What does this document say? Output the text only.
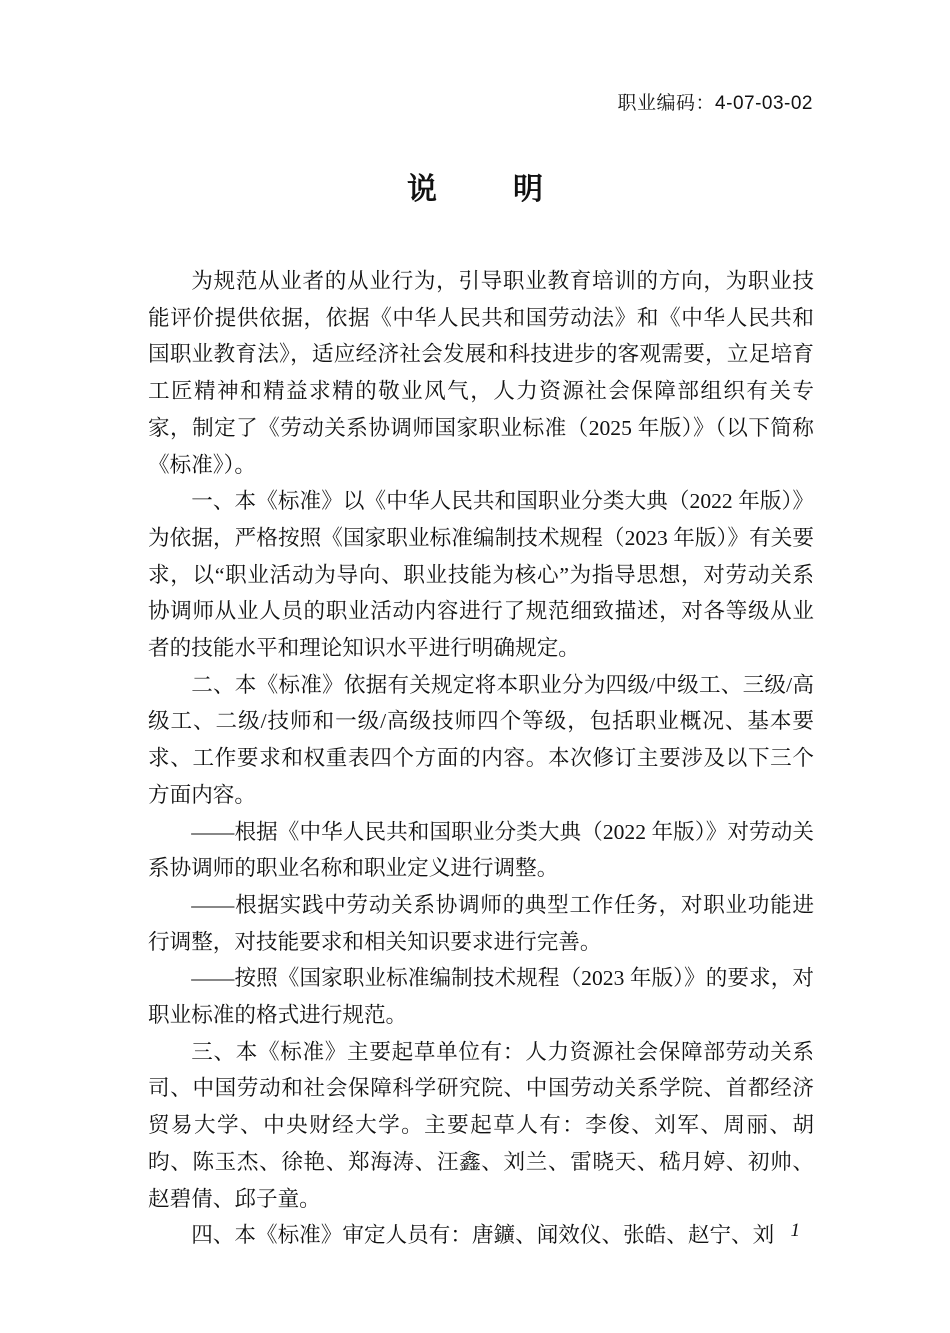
职业编码：4-07-03-02
说	明

为规范从业者的从业行为，引导职业教育培训的方向，为职业技能评价提供依据，依据《中华人民共和国劳动法》和《中华人民共和国职业教育法》，适应经济社会发展和科技进步的客观需要，立足培育工匠精神和精益求精的敬业风气，人力资源社会保障部组织有关专家，制定了《劳动关系协调师国家职业标准（2025 年版）》（以下简称《标准》）。

一、本《标准》以《中华人民共和国职业分类大典（2022 年版）》为依据，严格按照《国家职业标准编制技术规程（2023 年版）》有关要求，以“职业活动为导向、职业技能为核心”为指导思想，对劳动关系协调师从业人员的职业活动内容进行了规范细致描述，对各等级从业者的技能水平和理论知识水平进行明确规定。

二、本《标准》依据有关规定将本职业分为四级/中级工、三级/高级工、二级/技师和一级/高级技师四个等级，包括职业概况、基本要求、工作要求和权重表四个方面的内容。本次修订主要涉及以下三个方面内容。

——根据《中华人民共和国职业分类大典（2022 年版）》对劳动关系协调师的职业名称和职业定义进行调整。

——根据实践中劳动关系协调师的典型工作任务，对职业功能进行调整，对技能要求和相关知识要求进行完善。

——按照《国家职业标准编制技术规程（2023 年版）》的要求，对职业标准的格式进行规范。

三、本《标准》主要起草单位有：人力资源社会保障部劳动关系司、中国劳动和社会保障科学研究院、中国劳动关系学院、首都经济贸易大学、中央财经大学。主要起草人有：李俊、刘军、周丽、胡昀、陈玉杰、徐艳、郑海涛、汪鑫、刘兰、雷晓天、嵇月婷、初帅、赵碧倩、邱子童。

四、本《标准》审定人员有：唐鑛、闻效仪、张皓、赵宁、刘 1
